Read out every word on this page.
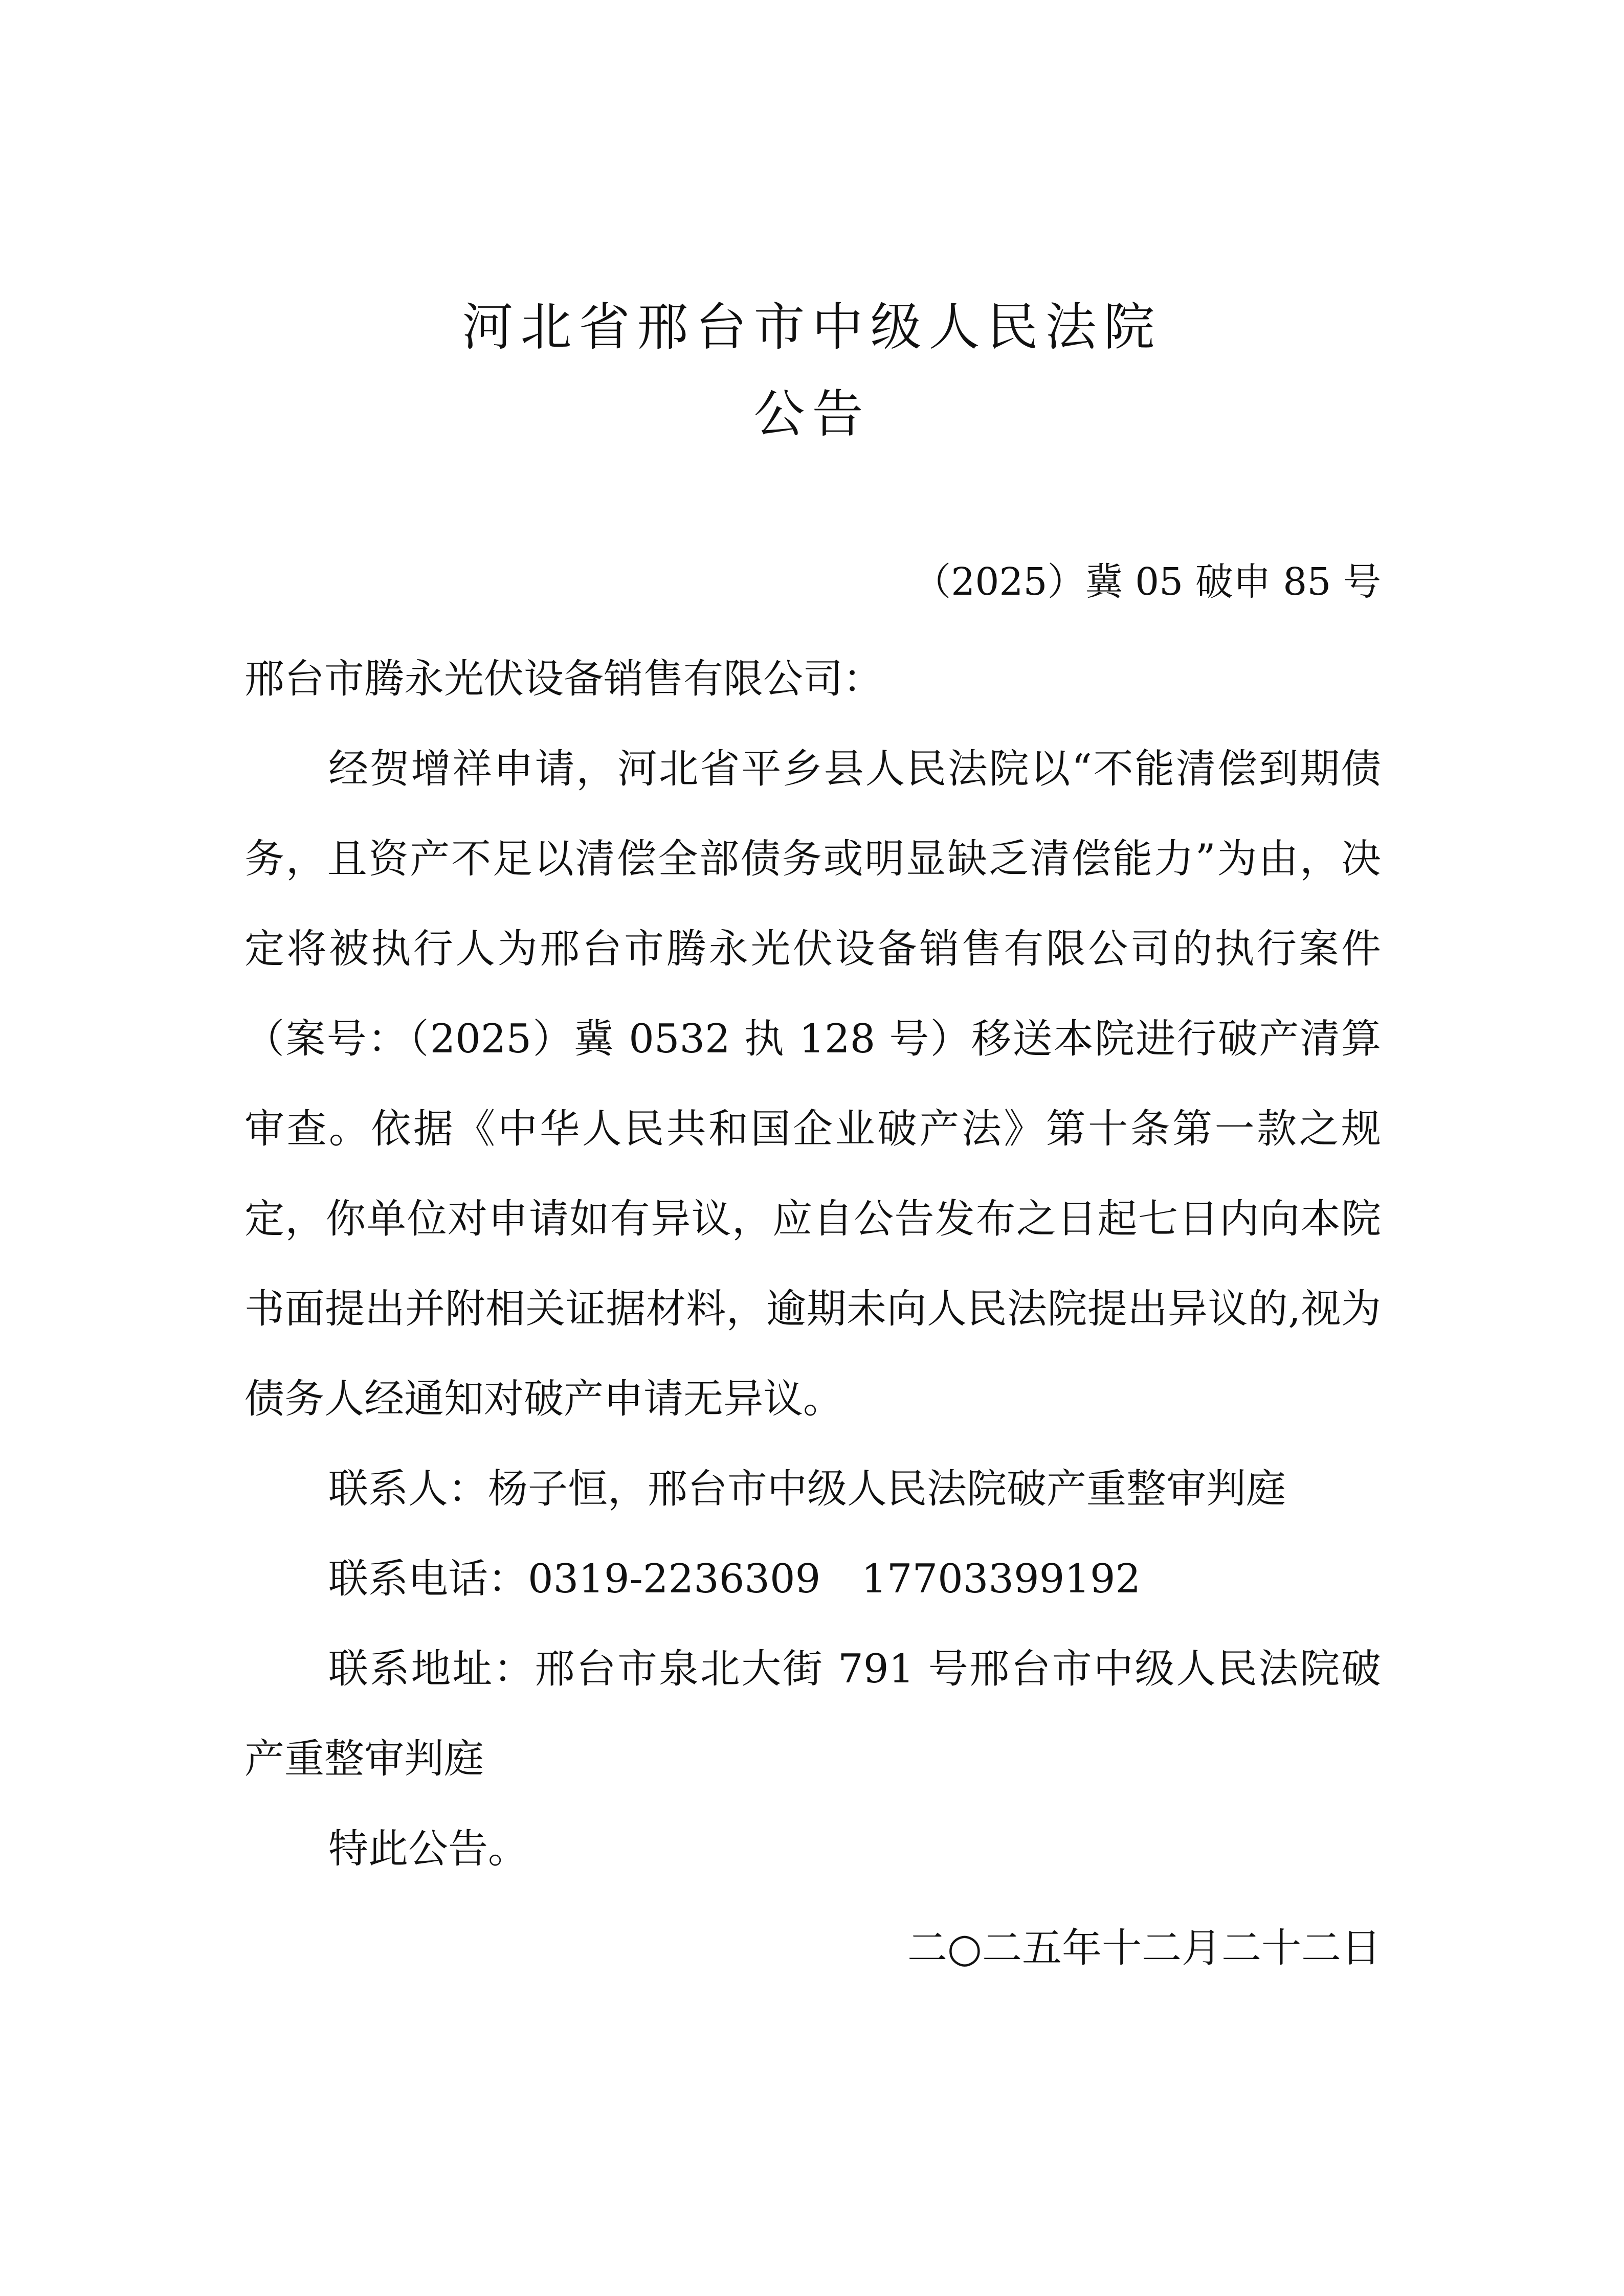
河北省邢台市中级人民法院
公告
（2025）冀 05 破申 85 号

邢台市腾永光伏设备销售有限公司：

经贺增祥申请，河北省平乡县人民法院以“不能清偿到期债务，且资产不足以清偿全部债务或明显缺乏清偿能力”为由，决定将被执行人为邢台市腾永光伏设备销售有限公司的执行案件（案号：（2025）冀 0532 执 128 号）移送本院进行破产清算审查。依据《中华人民共和国企业破产法》第十条第一款之规定，你单位对申请如有异议，应自公告发布之日起七日内向本院书面提出并附相关证据材料，逾期未向人民法院提出异议的,视为债务人经通知对破产申请无异议。

联系人：杨子恒，邢台市中级人民法院破产重整审判庭

联系电话：0319-2236309 17703399192

联系地址：邢台市泉北大街 791 号邢台市中级人民法院破产重整审判庭

特此公告。

二○二五年十二月二十二日
